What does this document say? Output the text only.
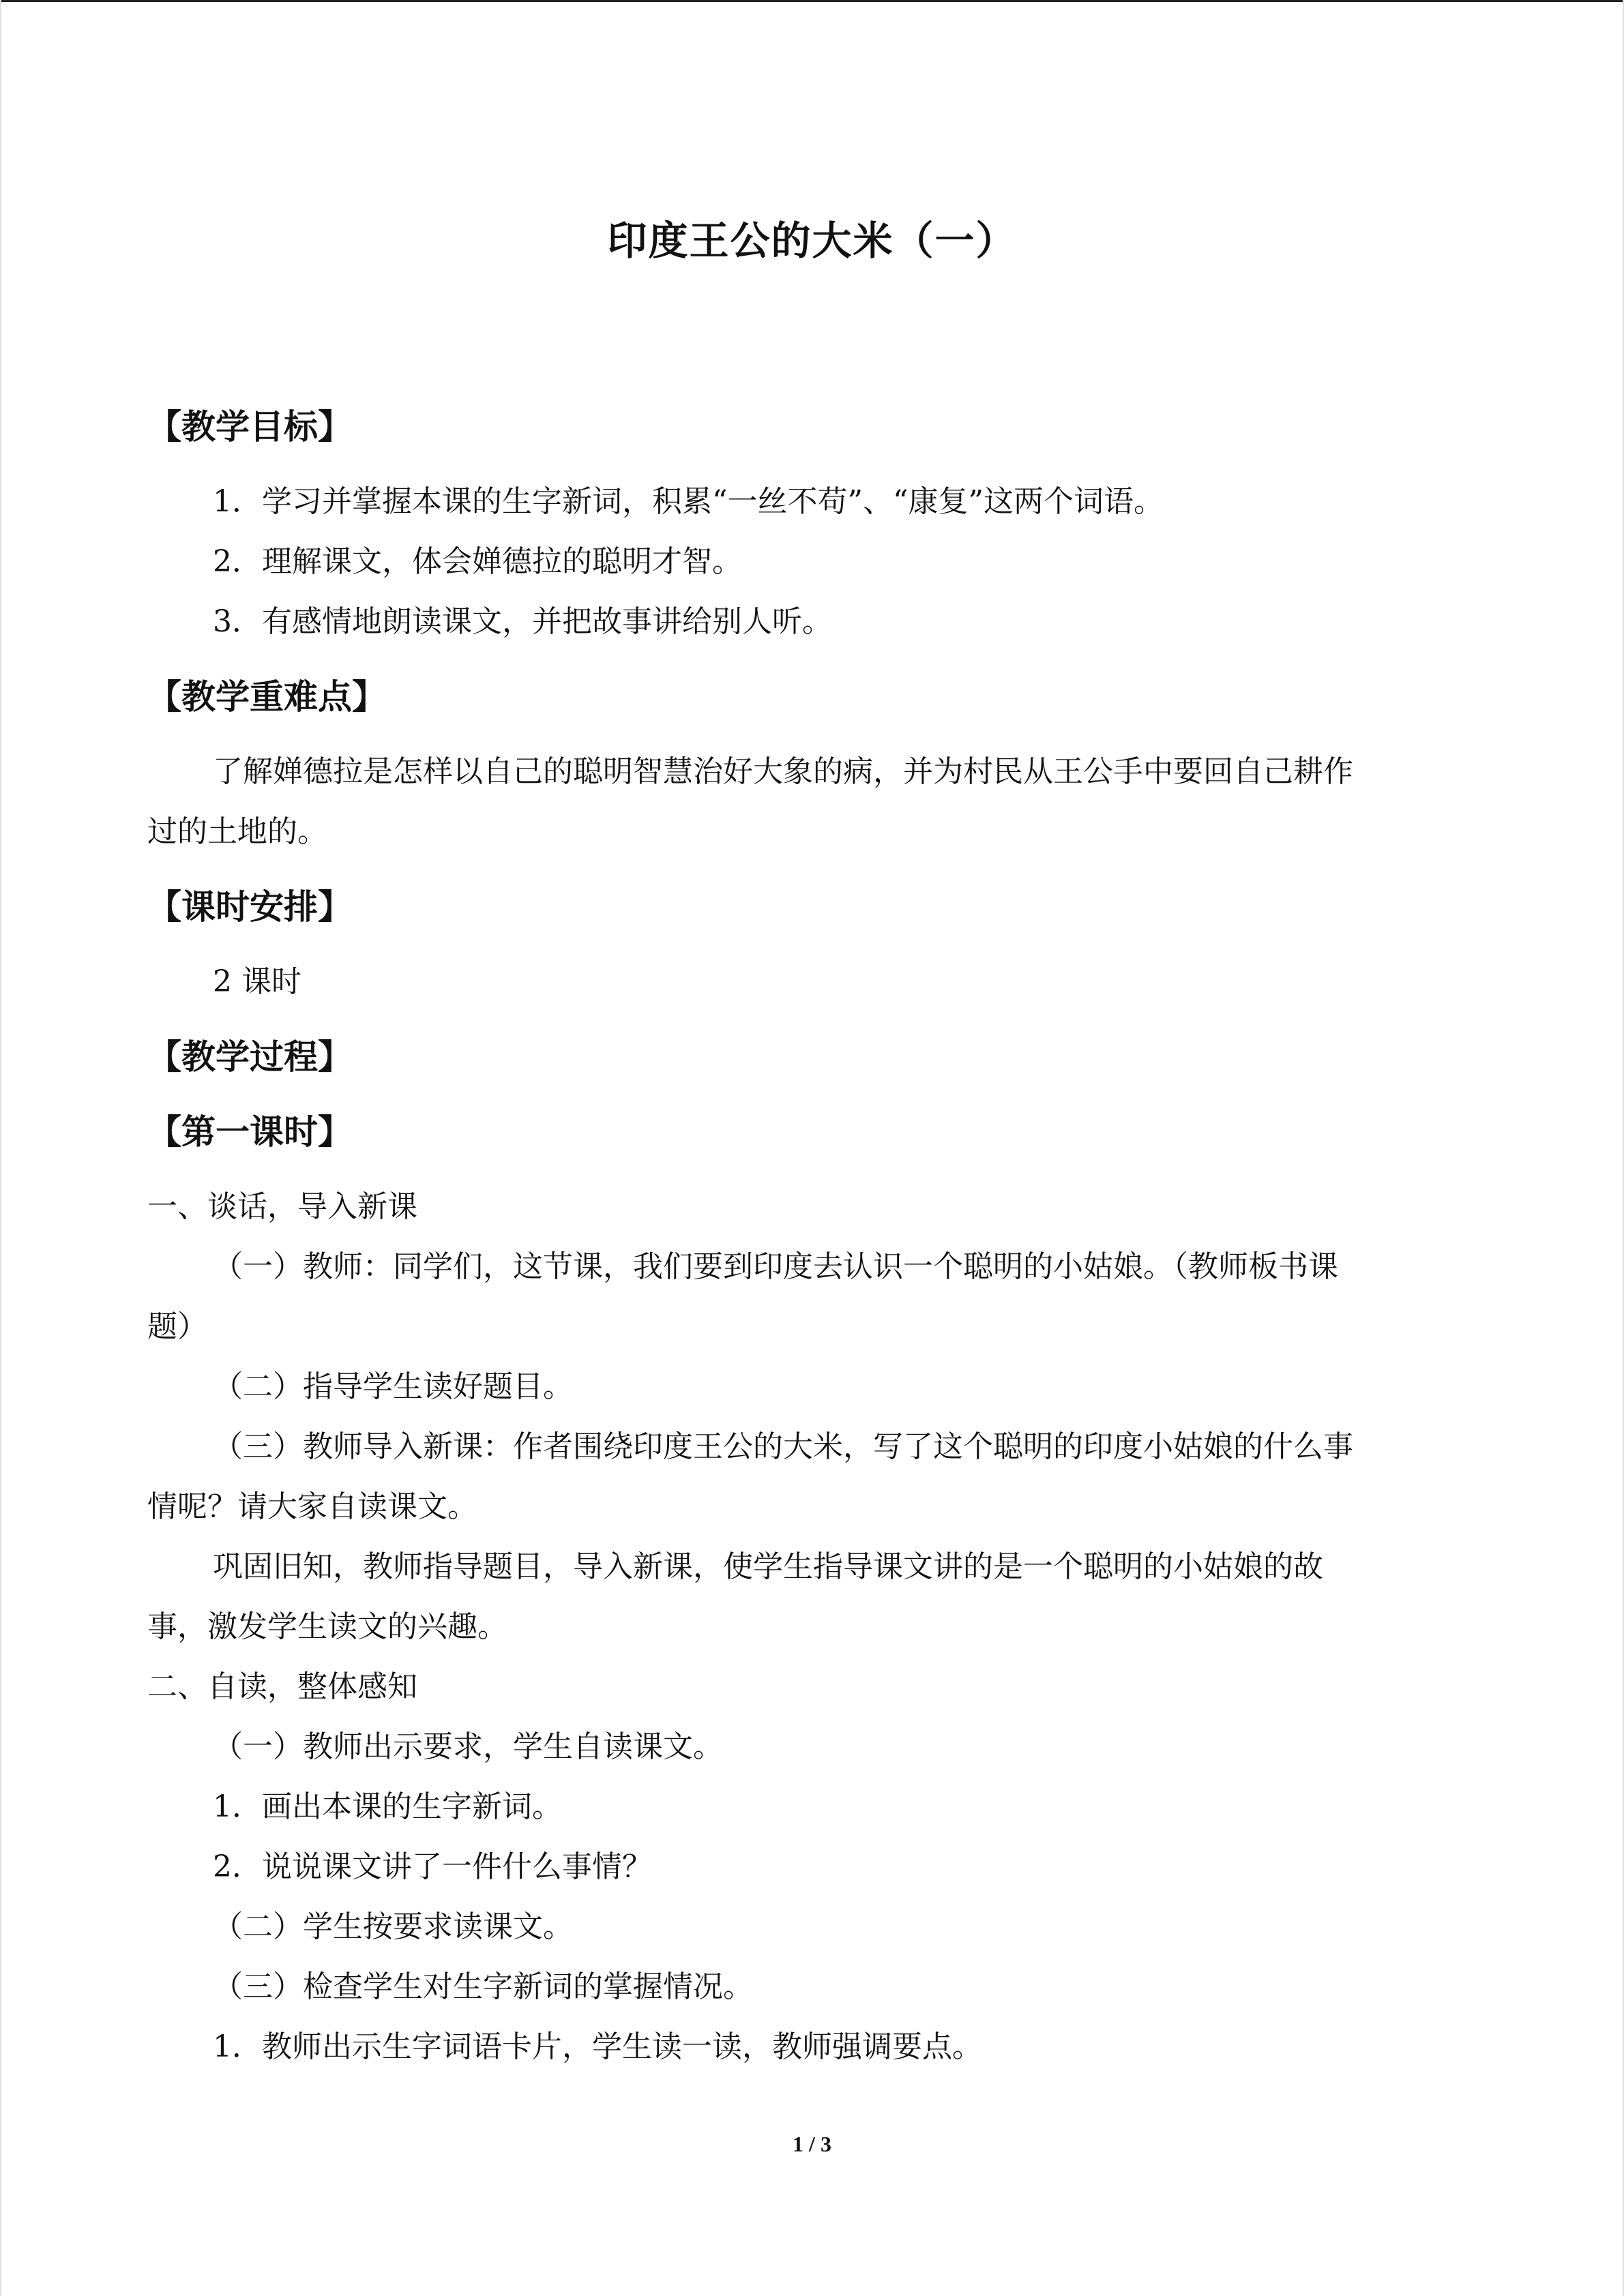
印度王公的大米（一）
【教学目标】
1．学习并掌握本课的生字新词，积累“一丝不苟”、“康复”这两个词语。
2．理解课文，体会婵德拉的聪明才智。
3．有感情地朗读课文，并把故事讲给别人听。
【教学重难点】
了解婵德拉是怎样以自己的聪明智慧治好大象的病，并为村民从王公手中要回自己耕作
过的土地的。
【课时安排】
2 课时
【教学过程】
【第一课时】
一、谈话，导入新课
（一）教师：同学们，这节课，我们要到印度去认识一个聪明的小姑娘。（教师板书课
题）
（二）指导学生读好题目。
（三）教师导入新课：作者围绕印度王公的大米，写了这个聪明的印度小姑娘的什么事
情呢？请大家自读课文。
巩固旧知，教师指导题目，导入新课，使学生指导课文讲的是一个聪明的小姑娘的故
事，激发学生读文的兴趣。
二、自读，整体感知
（一）教师出示要求，学生自读课文。
1．画出本课的生字新词。
2．说说课文讲了一件什么事情？
（二）学生按要求读课文。
（三）检查学生对生字新词的掌握情况。
1．教师出示生字词语卡片，学生读一读，教师强调要点。
1 / 3
